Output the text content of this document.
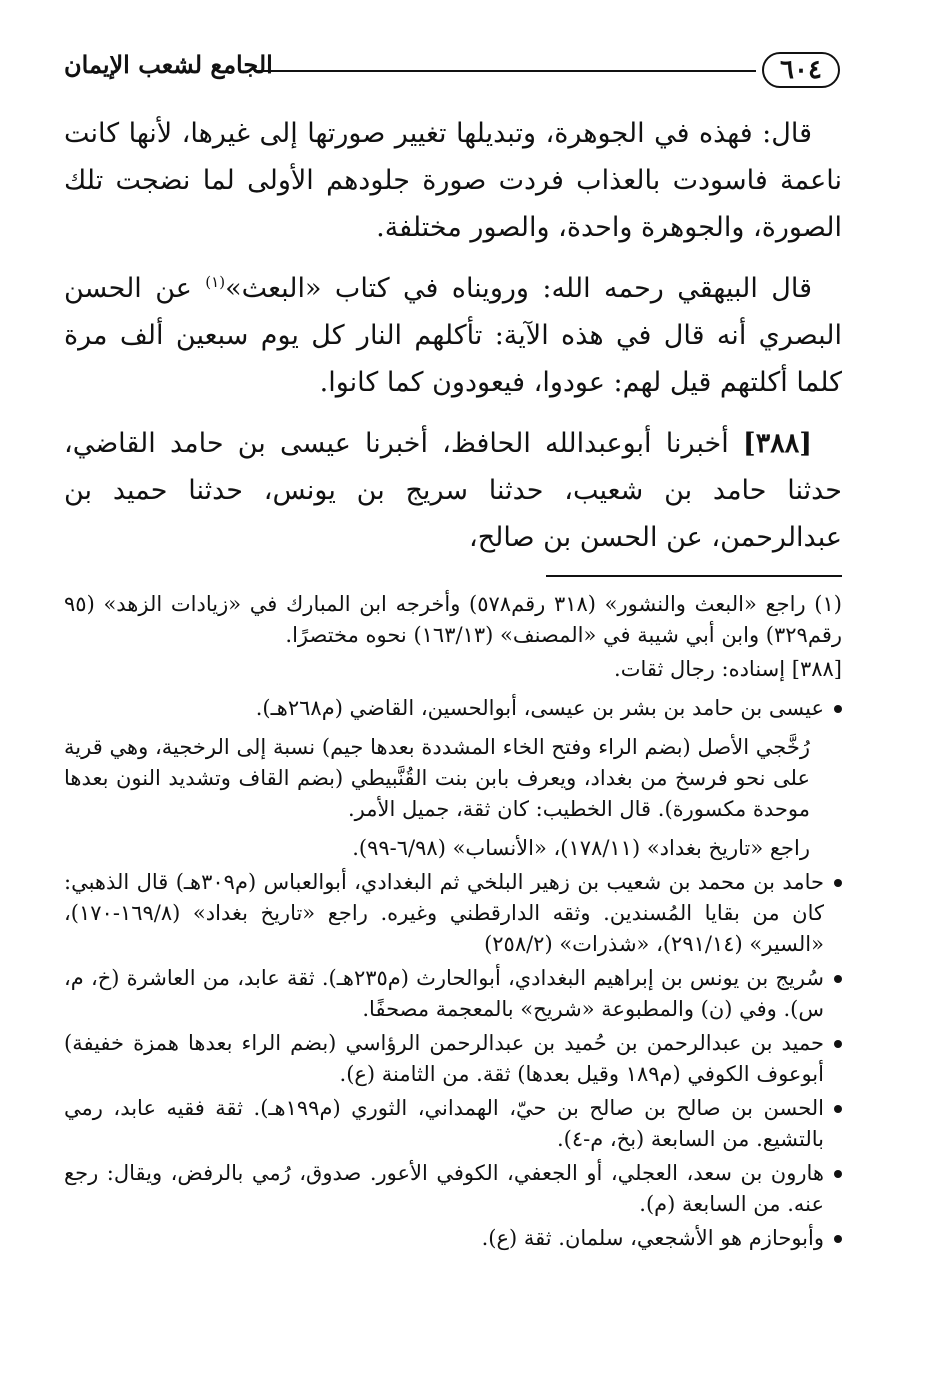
٦٠٤
الجامع لشعب الإيمان

قال: فهذه في الجوهرة، وتبديلها تغيير صورتها إلى غيرها، لأنها كانت ناعمة فاسودت بالعذاب فردت صورة جلودهم الأولى لما نضجت تلك الصورة، والجوهرة واحدة، والصور مختلفة.

قال البيهقي رحمه الله: ورويناه في كتاب «البعث»$^{(١)}$ عن الحسن البصري أنه قال في هذه الآية: تأكلهم النار كل يوم سبعين ألف مرة كلما أكلتهم قيل لهم: عودوا، فيعودون كما كانوا.

[٣٨٨] أخبرنا أبوعبدالله الحافظ، أخبرنا عيسى بن حامد القاضي، حدثنا حامد بن شعيب، حدثنا سريج بن يونس، حدثنا حميد بن عبدالرحمن، عن الحسن بن صالح،

(١) راجع «البعث والنشور» (٣١٨ رقم٥٧٨) وأخرجه ابن المبارك في «زيادات الزهد» (٩٥ رقم٣٢٩) وابن أبي شيبة في «المصنف» (١٦٣/١٣) نحوه مختصرًا.

[٣٨٨] إسناده: رجال ثقات.

عيسى بن حامد بن بشر بن عيسى، أبوالحسين، القاضي (م٢٦٨هـ).

رُخَّجي الأصل (بضم الراء وفتح الخاء المشددة بعدها جيم) نسبة إلى الرخجية، وهي قرية على نحو فرسخ من بغداد، ويعرف بابن بنت القُنَّبيطي (بضم القاف وتشديد النون بعدها موحدة مكسورة). قال الخطيب: كان ثقة، جميل الأمر.

راجع «تاريخ بغداد» (١٧٨/١١)، «الأنساب» (٦/٩٨-٩٩).

حامد بن محمد بن شعيب بن زهير البلخي ثم البغدادي، أبوالعباس (م٣٠٩هـ) قال الذهبي: كان من بقايا المُسندين. وثقه الدارقطني وغيره. راجع «تاريخ بغداد» (١٦٩/٨-١٧٠)، «السير» (٢٩١/١٤)، «شذرات» (٢٥٨/٢)

سُريج بن يونس بن إبراهيم البغدادي، أبوالحارث (م٢٣٥هـ). ثقة عابد، من العاشرة (خ، م، س). وفي (ن) والمطبوعة «شريح» بالمعجمة مصحفًا.

حميد بن عبدالرحمن بن حُميد بن عبدالرحمن الرؤاسي (بضم الراء بعدها همزة خفيفة) أبوعوف الكوفي (م١٨٩ وقيل بعدها) ثقة. من الثامنة (ع).

الحسن بن صالح بن صالح بن حيّ، الهمداني، الثوري (م١٩٩هـ). ثقة فقيه عابد، رمي بالتشيع. من السابعة (بخ، م-٤).

هارون بن سعد، العجلي، أو الجعفي، الكوفي الأعور. صدوق، رُمي بالرفض، ويقال: رجع عنه. من السابعة (م).

وأبوحازم هو الأشجعي، سلمان. ثقة (ع).
